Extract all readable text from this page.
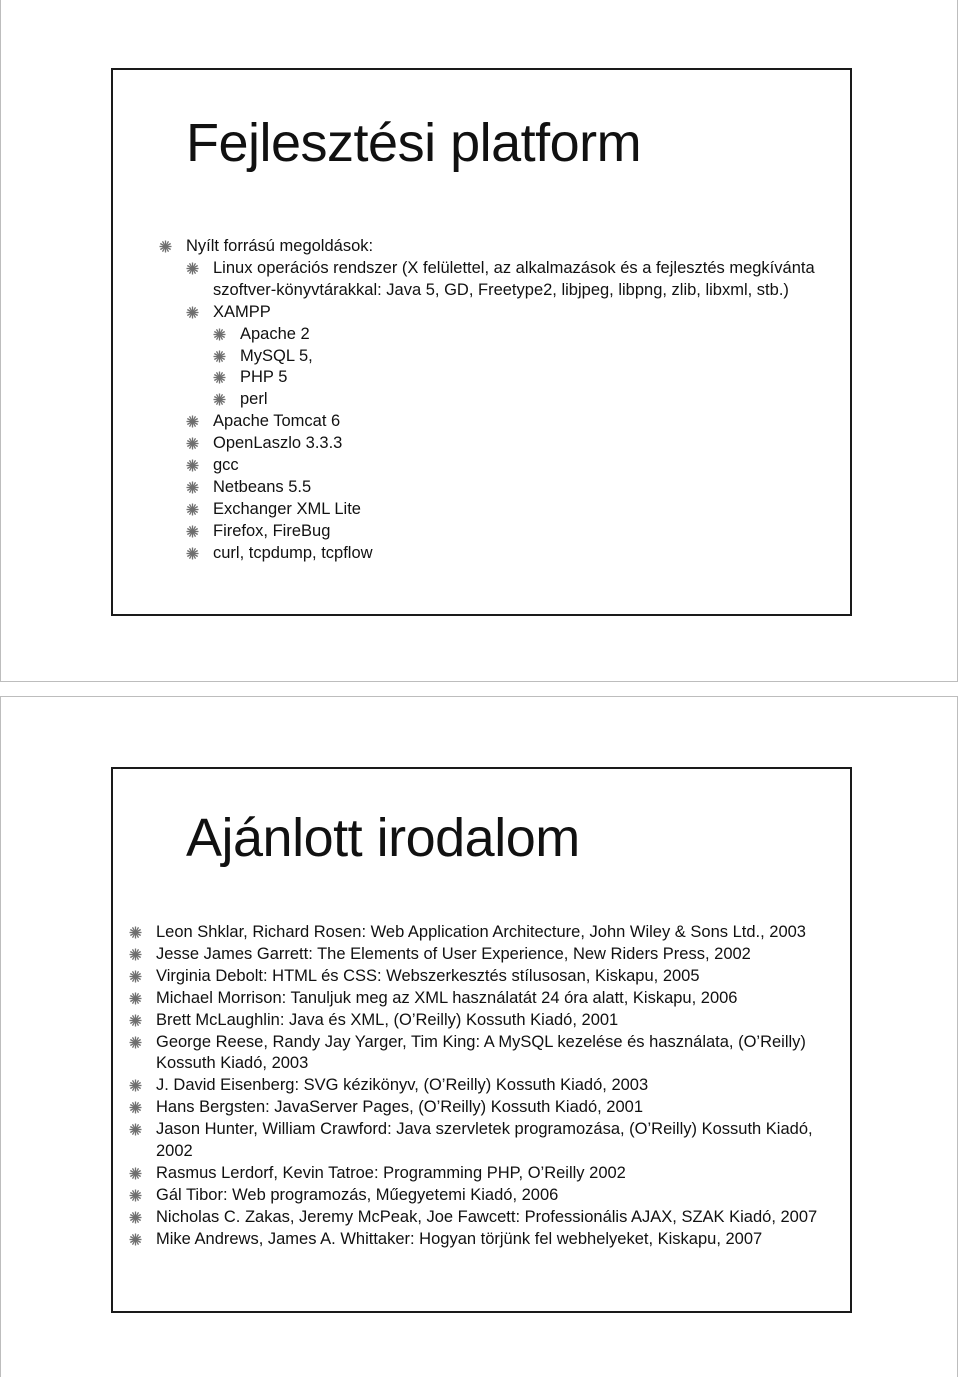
Fejlesztési platform
Nyílt forrású megoldások:
Linux operációs rendszer (X felülettel, az alkalmazások és a fejlesztés megkívánta szoftver-könyvtárakkal: Java 5, GD, Freetype2, libjpeg, libpng, zlib, libxml, stb.)
XAMPP
Apache 2
MySQL 5,
PHP 5
perl
Apache Tomcat 6
OpenLaszlo 3.3.3
gcc
Netbeans 5.5
Exchanger XML Lite
Firefox, FireBug
curl, tcpdump, tcpflow
Ajánlott irodalom
Leon Shklar, Richard Rosen: Web Application Architecture, John Wiley & Sons Ltd., 2003
Jesse James Garrett: The Elements of User Experience, New Riders Press, 2002
Virginia Debolt: HTML és CSS: Webszerkesztés stílusosan, Kiskapu, 2005
Michael Morrison: Tanuljuk meg az XML használatát 24 óra alatt, Kiskapu, 2006
Brett McLaughlin: Java és XML, (O’Reilly) Kossuth Kiadó, 2001
George Reese, Randy Jay Yarger, Tim King: A MySQL kezelése és használata, (O’Reilly) Kossuth Kiadó, 2003
J. David Eisenberg: SVG kézikönyv, (O’Reilly) Kossuth Kiadó, 2003
Hans Bergsten: JavaServer Pages, (O’Reilly) Kossuth Kiadó, 2001
Jason Hunter, William Crawford: Java szervletek programozása, (O’Reilly) Kossuth Kiadó, 2002
Rasmus Lerdorf, Kevin Tatroe: Programming PHP, O’Reilly 2002
Gál Tibor: Web programozás, Műegyetemi Kiadó, 2006
Nicholas C. Zakas, Jeremy McPeak, Joe Fawcett: Professionális AJAX, SZAK Kiadó, 2007
Mike Andrews, James A. Whittaker: Hogyan törjünk fel webhelyeket, Kiskapu, 2007
